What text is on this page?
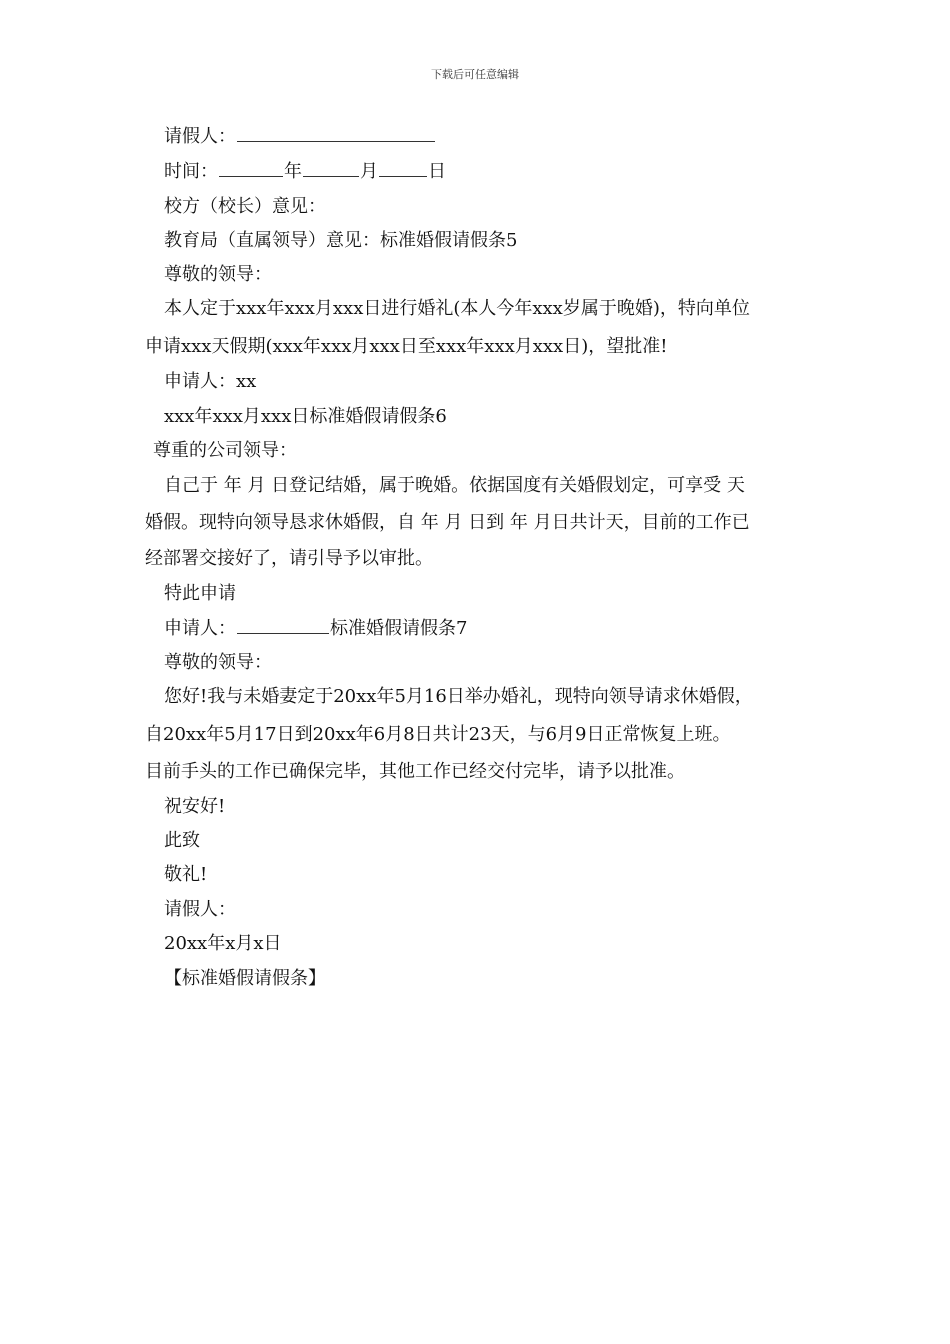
下载后可任意编辑
请假人：
时间：	年	月	日
校方（校长）意见：
教育局（直属领导）意见：标准婚假请假条5
尊敬的领导：
本人定于xxx年xxx月xxx日进行婚礼(本人今年xxx岁属于晚婚)，特向单位
申请xxx天假期(xxx年xxx月xxx日至xxx年xxx月xxx日)，望批准!
申请人：xx
xxx年xxx月xxx日标准婚假请假条6
尊重的公司领导：
自己于 年 月 日登记结婚，属于晚婚。依据国度有关婚假划定，可享受 天
婚假。现特向领导恳求休婚假，自 年 月 日到 年 月日共计天，目前的工作已
经部署交接好了，请引导予以审批。
特此申请
申请人：	标准婚假请假条7
尊敬的领导：
您好!我与未婚妻定于20xx年5月16日举办婚礼，现特向领导请求休婚假，
自20xx年5月17日到20xx年6月8日共计23天，与6月9日正常恢复上班。
目前手头的工作已确保完毕，其他工作已经交付完毕，请予以批准。
祝安好!
此致
敬礼!
请假人：
20xx年x月x日
【标准婚假请假条】
